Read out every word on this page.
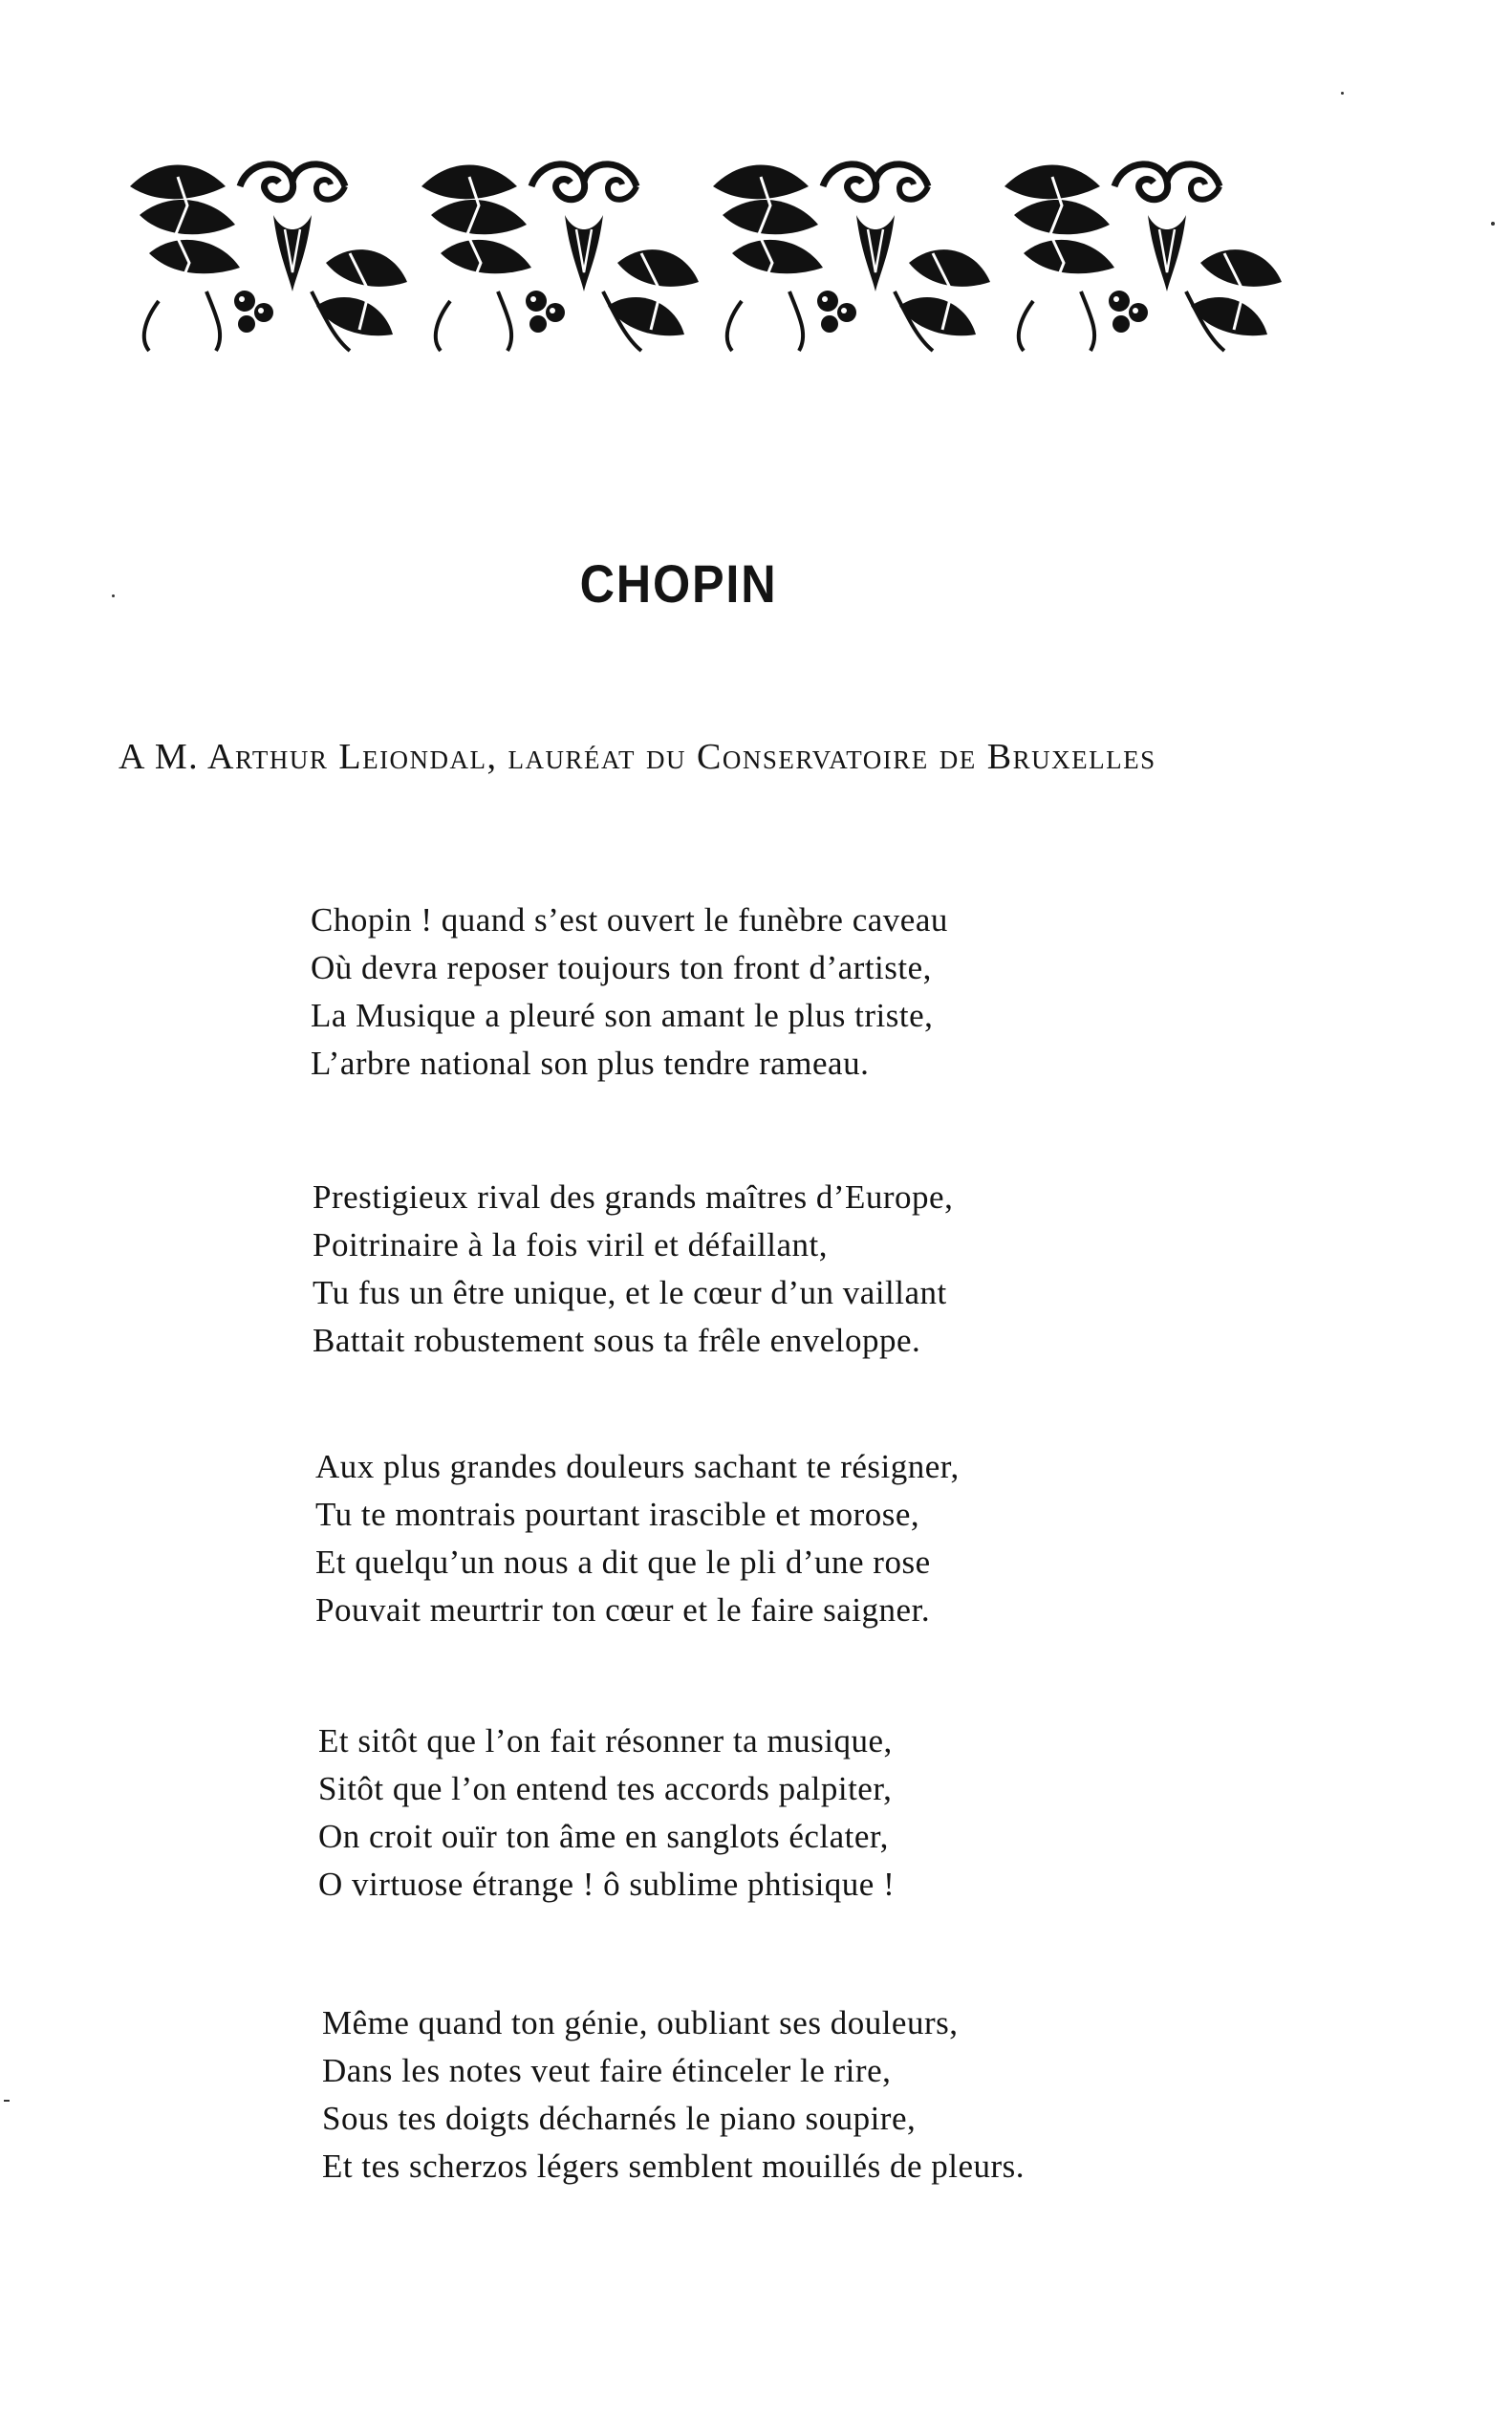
CHOPIN
A M. Arthur Leiondal, lauréat du Conservatoire de Bruxelles
Chopin ! quand s’est ouvert le funèbre caveau
Où devra reposer toujours ton front d’artiste,
La Musique a pleuré son amant le plus triste,
L’arbre national son plus tendre rameau.
Prestigieux rival des grands maîtres d’Europe,
Poitrinaire à la fois viril et défaillant,
Tu fus un être unique, et le cœur d’un vaillant
Battait robustement sous ta frêle enveloppe.
Aux plus grandes douleurs sachant te résigner,
Tu te montrais pourtant irascible et morose,
Et quelqu’un nous a dit que le pli d’une rose
Pouvait meurtrir ton cœur et le faire saigner.
Et sitôt que l’on fait résonner ta musique,
Sitôt que l’on entend tes accords palpiter,
On croit ouïr ton âme en sanglots éclater,
O virtuose étrange ! ô sublime phtisique !
Même quand ton génie, oubliant ses douleurs,
Dans les notes veut faire étinceler le rire,
Sous tes doigts décharnés le piano soupire,
Et tes scherzos légers semblent mouillés de pleurs.
